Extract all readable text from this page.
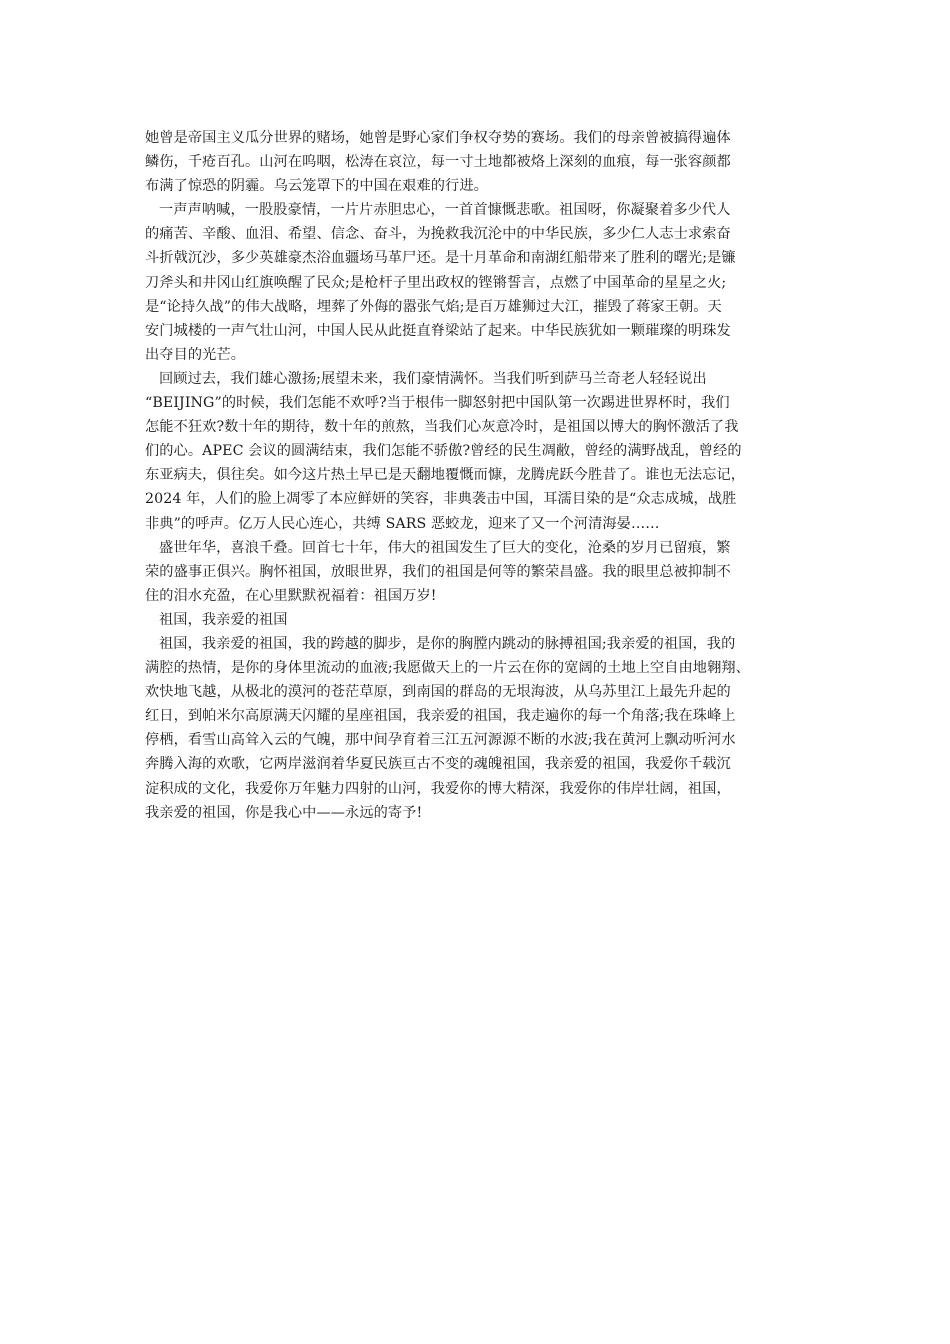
她曾是帝国主义瓜分世界的赌场，她曾是野心家们争权夺势的赛场。我们的母亲曾被搞得遍体
鳞伤，千疮百孔。山河在呜咽，松涛在哀泣，每一寸土地都被烙上深刻的血痕，每一张容颜都
布满了惊恐的阴霾。乌云笼罩下的中国在艰难的行进。
一声声呐喊，一股股豪情，一片片赤胆忠心，一首首慷慨悲歌。祖国呀，你凝聚着多少代人
的痛苦、辛酸、血泪、希望、信念、奋斗，为挽救我沉沦中的中华民族，多少仁人志士求索奋
斗折戟沉沙，多少英雄豪杰浴血疆场马革尸还。是十月革命和南湖红船带来了胜利的曙光;是镰
刀斧头和井冈山红旗唤醒了民众;是枪杆子里出政权的铿锵誓言，点燃了中国革命的星星之火;
是“论持久战”的伟大战略，埋葬了外侮的嚣张气焰;是百万雄狮过大江，摧毁了蒋家王朝。天
安门城楼的一声气壮山河，中国人民从此挺直脊梁站了起来。中华民族犹如一颗璀璨的明珠发
出夺目的光芒。
回顾过去，我们雄心激扬;展望未来，我们豪情满怀。当我们听到萨马兰奇老人轻轻说出
“BEIJING”的时候，我们怎能不欢呼?当于根伟一脚怒射把中国队第一次踢进世界杯时，我们
怎能不狂欢?数十年的期待，数十年的煎熬，当我们心灰意冷时，是祖国以博大的胸怀激活了我
们的心。APEC 会议的圆满结束，我们怎能不骄傲?曾经的民生凋敝，曾经的满野战乱，曾经的
东亚病夫，俱往矣。如今这片热土早已是天翻地覆慨而慷，龙腾虎跃今胜昔了。谁也无法忘记，
2024 年，人们的脸上凋零了本应鲜妍的笑容，非典袭击中国，耳濡目染的是“众志成城，战胜
非典”的呼声。亿万人民心连心，共缚 SARS 恶蛟龙，迎来了又一个河清海晏……
盛世年华，喜浪千叠。回首七十年，伟大的祖国发生了巨大的变化，沧桑的岁月已留痕，繁
荣的盛事正俱兴。胸怀祖国，放眼世界，我们的祖国是何等的繁荣昌盛。我的眼里总被抑制不
住的泪水充盈，在心里默默祝福着：祖国万岁!
祖国，我亲爱的祖国
祖国，我亲爱的祖国，我的跨越的脚步，是你的胸膛内跳动的脉搏祖国;我亲爱的祖国，我的
满腔的热情，是你的身体里流动的血液;我愿做天上的一片云在你的宽阔的土地上空自由地翱翔、
欢快地飞越，从极北的漠河的苍茫草原，到南国的群岛的无垠海波，从乌苏里江上最先升起的
红日，到帕米尔高原满天闪耀的星座祖国，我亲爱的祖国，我走遍你的每一个角落;我在珠峰上
停栖，看雪山高耸入云的气魄，那中间孕育着三江五河源源不断的水波;我在黄河上飘动听河水
奔腾入海的欢歌，它两岸滋润着华夏民族亘古不变的魂魄祖国，我亲爱的祖国，我爱你千载沉
淀积成的文化，我爱你万年魅力四射的山河，我爱你的博大精深，我爱你的伟岸壮阔，祖国，
我亲爱的祖国，你是我心中——永远的寄予!
